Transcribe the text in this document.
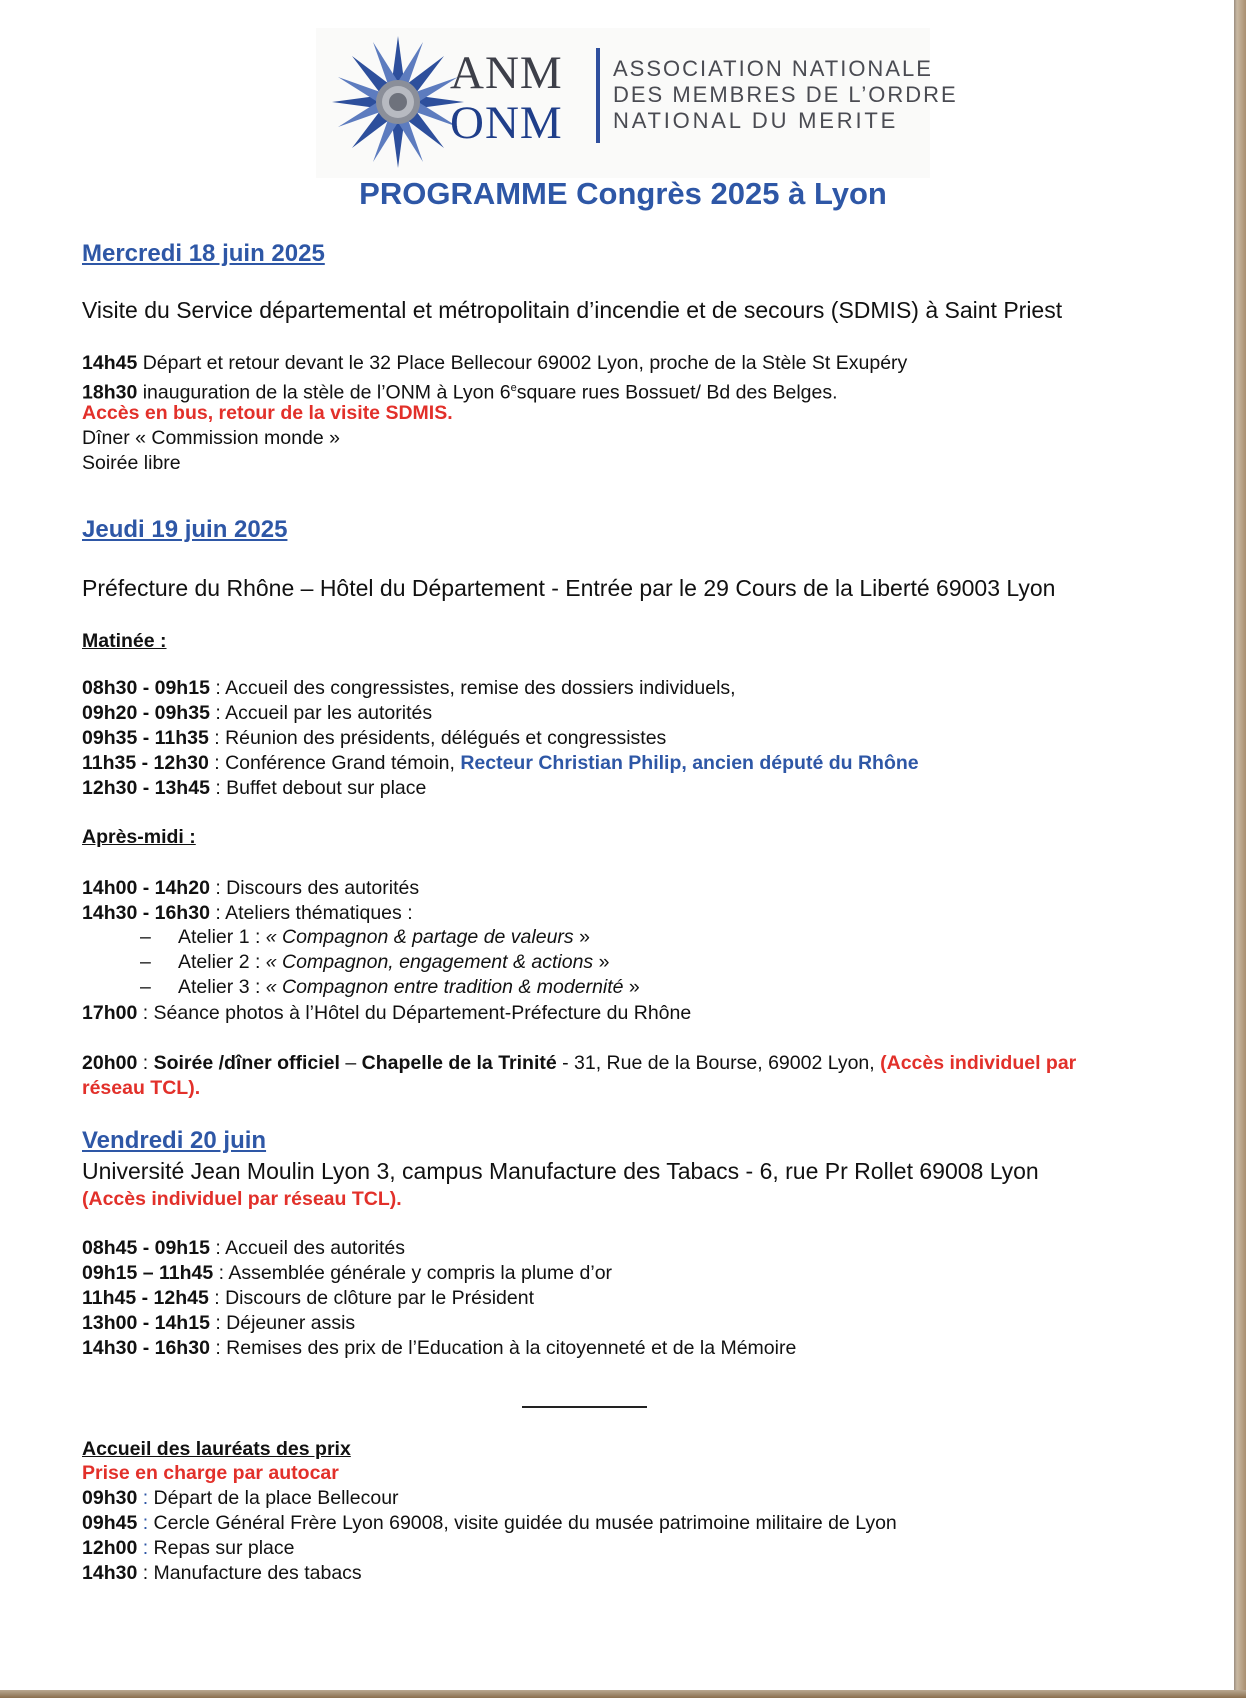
ANM
ONM
ASSOCIATION NATIONALE
DES MEMBRES DE L’ORDRE
NATIONAL DU MERITE
PROGRAMME Congrès 2025 à Lyon
Mercredi 18 juin 2025
Visite du Service départemental et métropolitain d’incendie et de secours (SDMIS) à Saint Priest
14h45 Départ et retour devant le 32 Place Bellecour 69002 Lyon, proche de la Stèle St Exupéry
18h30 inauguration de la stèle de l’ONM à Lyon 6esquare rues Bossuet/ Bd des Belges.
Accès en bus, retour de la visite SDMIS.
Dîner « Commission monde »
Soirée libre
Jeudi 19 juin 2025
Préfecture du Rhône – Hôtel du Département - Entrée par le 29 Cours de la Liberté 69003 Lyon
Matinée :
08h30 - 09h15 : Accueil des congressistes, remise des dossiers individuels,
09h20 - 09h35 : Accueil par les autorités
09h35 - 11h35 : Réunion des présidents, délégués et congressistes
11h35 - 12h30 : Conférence Grand témoin, Recteur Christian Philip, ancien député du Rhône
12h30 - 13h45 : Buffet debout sur place
Après-midi :
14h00 - 14h20 : Discours des autorités
14h30 - 16h30 : Ateliers thématiques :
– Atelier 1 : « Compagnon & partage de valeurs »
– Atelier 2 : « Compagnon, engagement & actions »
– Atelier 3 : « Compagnon entre tradition & modernité »
17h00 : Séance photos à l’Hôtel du Département-Préfecture du Rhône
20h00 : Soirée /dîner officiel – Chapelle de la Trinité - 31, Rue de la Bourse, 69002 Lyon, (Accès individuel par
réseau TCL).
Vendredi 20 juin
Université Jean Moulin Lyon 3, campus Manufacture des Tabacs - 6, rue Pr Rollet 69008 Lyon
(Accès individuel par réseau TCL).
08h45 - 09h15 : Accueil des autorités
09h15 – 11h45 : Assemblée générale y compris la plume d’or
11h45 - 12h45 : Discours de clôture par le Président
13h00 - 14h15 : Déjeuner assis
14h30 - 16h30 : Remises des prix de l’Education à la citoyenneté et de la Mémoire
Accueil des lauréats des prix
Prise en charge par autocar
09h30 : Départ de la place Bellecour
09h45 : Cercle Général Frère Lyon 69008, visite guidée du musée patrimoine militaire de Lyon
12h00 : Repas sur place
14h30 : Manufacture des tabacs
